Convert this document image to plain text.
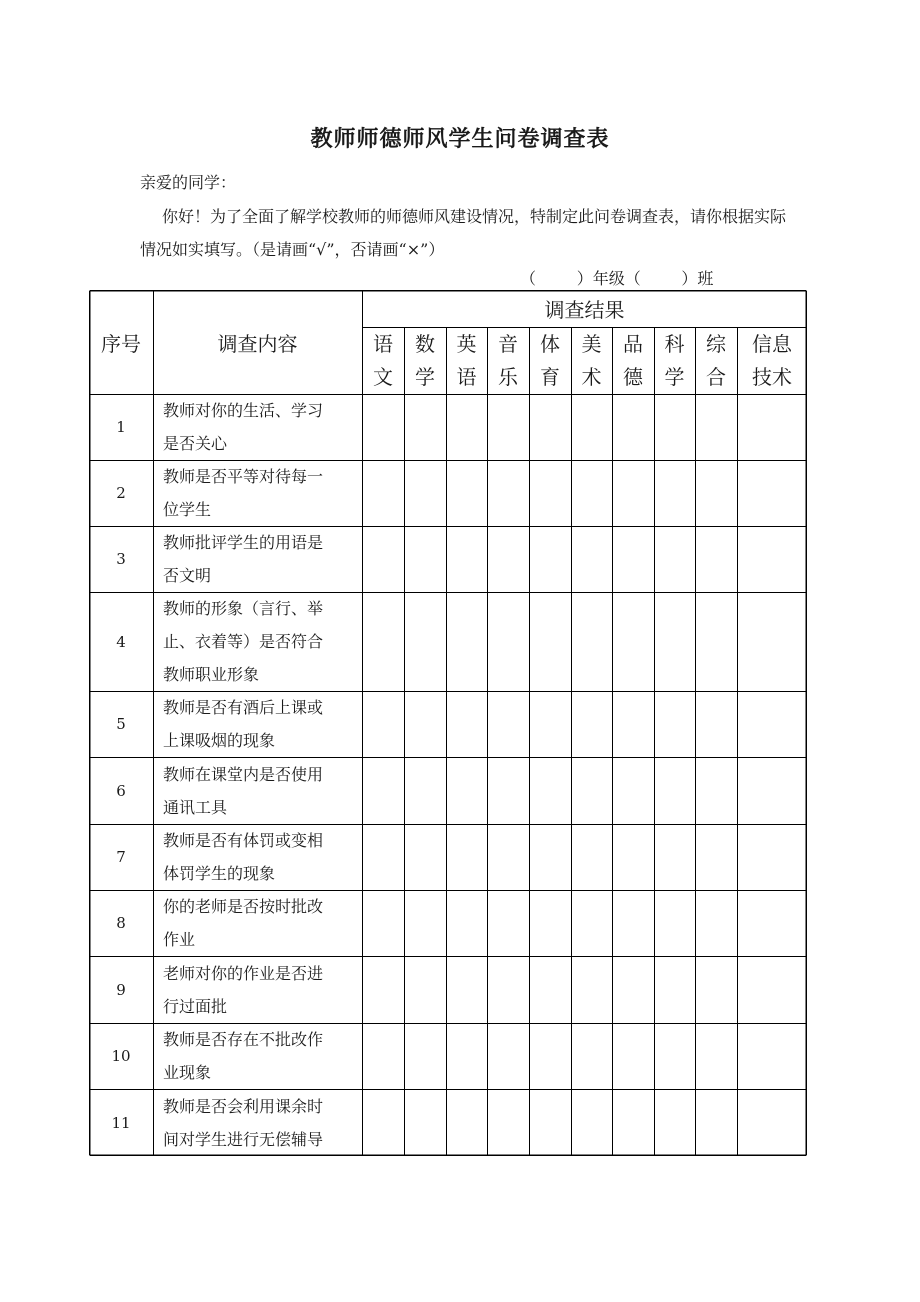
教师师德师风学生问卷调查表
亲爱的同学：
你好！为了全面了解学校教师的师德师风建设情况，特制定此问卷调查表，请你根据实际情况如实填写。（是请画“√”，否请画“×”）
（        ）年级（        ）班
序号	调查内容
调查结果
语
文
数
学
英
语
音
乐
体
育
美
术
品
德
科
学
综
合
信息
技术
1
教师对你的生活、学习
是否关心
2
教师是否平等对待每一
位学生
3
教师批评学生的用语是
否文明
4
教师的形象（言行、举
止、衣着等）是否符合
教师职业形象
5
教师是否有酒后上课或
上课吸烟的现象
6
教师在课堂内是否使用
通讯工具
7
教师是否有体罚或变相
体罚学生的现象
8
你的老师是否按时批改
作业
9
老师对你的作业是否进
行过面批
10
教师是否存在不批改作
业现象
11
教师是否会利用课余时
间对学生进行无偿辅导
